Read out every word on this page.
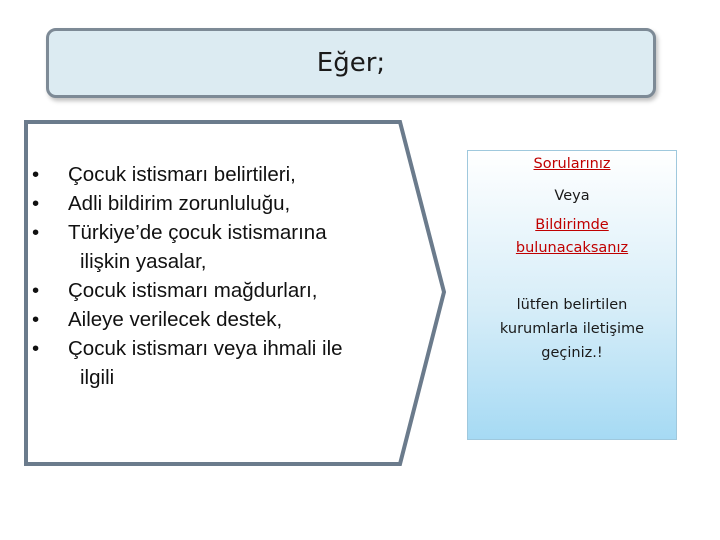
Eğer;
• Çocuk istismarı belirtileri,
• Adli bildirim zorunluluğu,
• Türkiye’de çocuk istismarına
ilişkin yasalar,
• Çocuk istismarı mağdurları,
• Aileye verilecek destek,
• Çocuk istismarı veya ihmali ile
ilgili
Sorularınız
Veya
Bildirimde
bulunacaksanız
lütfen belirtilen
kurumlarla iletişime
geçiniz.!
